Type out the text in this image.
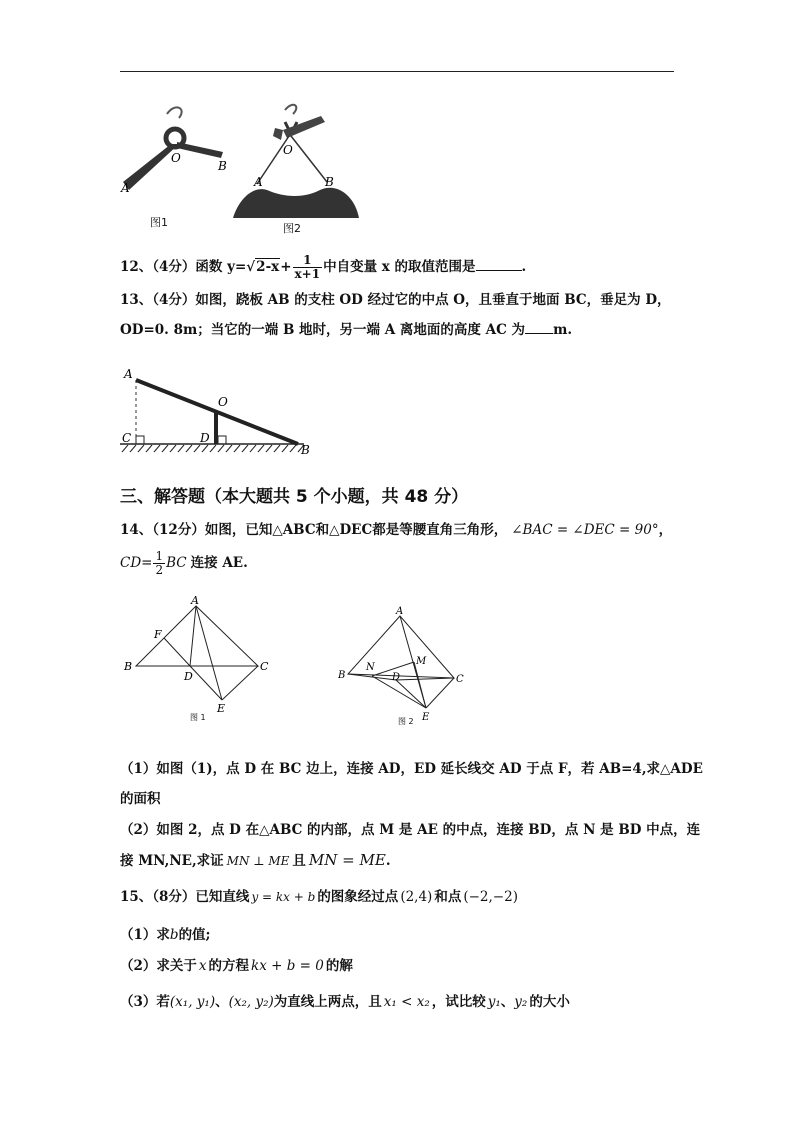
O
B
A
O
A	B
图1	图2
12、（4分）函数 $y=√2-x+ \frac{1}{x+1}$ 中自变量 x 的取值范围是	.
13、（4分）如图，跷板 AB 的支柱 OD 经过它的中点 O，且垂直于地面 BC，垂足为 D，
OD=0. 8m；当它的一端 B 地时，另一端 A 离地面的高度 AC 为 m.
A
O
C	D
B
三、解答题（本大题共 5 个小题，共 48 分）
14、（12分）如图，已知△ABC和△DEC都是等腰直角三角形， ∠BAC = ∠DEC = 90°，
$CD= \frac{1}{2}$ BC 连接 AE.
A
F
B
D
C
E
图 1
A
N
M
B	D	C
E
图 2
（1）如图（1)，点 D 在 BC 边上，连接 AD，ED 延长线交 AD 于点 F，若 AB=4,求△ADE
的面积
（2）如图 2，点 D 在△ABC 的内部，点 M 是 AE 的中点，连接 BD，点 N 是 BD 中点，连
接 MN,NE,求证 MN ⊥ ME 且 MN = ME.
15、（8分）已知直线 y = kx + b 的图象经过点 (2,4) 和点 (−2,−2)
（1）求b的值;
（2）求关于 x 的方程 kx + b = 0 的解
（3）若(x₁, y₁)、(x₂, y₂)为直线上两点，且 x₁ < x₂ ，试比较 y₁、y₂ 的大小
